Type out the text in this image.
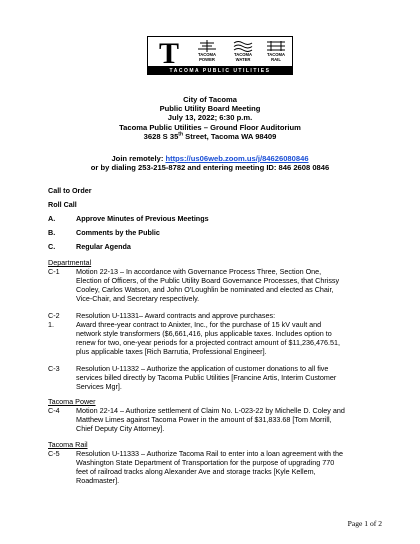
T	TACOMA
POWER
TACOMA
WATER
TACOMA
RAIL
TACOMA PUBLIC UTILITIES
City of Tacoma
Public Utility Board Meeting
July 13, 2022; 6:30 p.m.
Tacoma Public Utilities – Ground Floor Auditorium
3628 S 35th Street, Tacoma WA 98409
Join remotely: https://us06web.zoom.us/j/84626080846
or by dialing 253-215-8782 and entering meeting ID: 846 2608 0846
Call to Order
Roll Call
A.	Approve Minutes of Previous Meetings
B.	Comments by the Public
C.	Regular Agenda
Departmental
C-1 Motion 22-13 – In accordance with Governance Process Three, Section One,
Election of Officers, of the Public Utility Board Governance Processes, that Chrissy
Cooley, Carlos Watson, and John O'Loughlin be nominated and elected as Chair,
Vice-Chair, and Secretary respectively.
C-2 Resolution U-11331– Award contracts and approve purchases:
1.	Award three-year contract to Anixter, Inc., for the purchase of 15 kV vault and
network style transformers ($6,661,416, plus applicable taxes. Includes option to
renew for two, one-year periods for a projected contract amount of $11,236,476.51,
plus applicable taxes [Rich Barrutia, Professional Engineer].
C-3 Resolution U-11332 – Authorize the application of customer donations to all five
services billed directly by Tacoma Public Utilities [Francine Artis, Interim Customer
Services Mgr].
Tacoma Power
C-4 Motion 22-14 – Authorize settlement of Claim No. L-023-22 by Michelle D. Coley and
Matthew Limes against Tacoma Power in the amount of $31,833.68 [Tom Morrill,
Chief Deputy City Attorney].
Tacoma Rail
C-5 Resolution U-11333 – Authorize Tacoma Rail to enter into a loan agreement with the
Washington State Department of Transportation for the purpose of upgrading 770
feet of railroad tracks along Alexander Ave and storage tracks [Kyle Kellem,
Roadmaster].
Page 1 of 2
